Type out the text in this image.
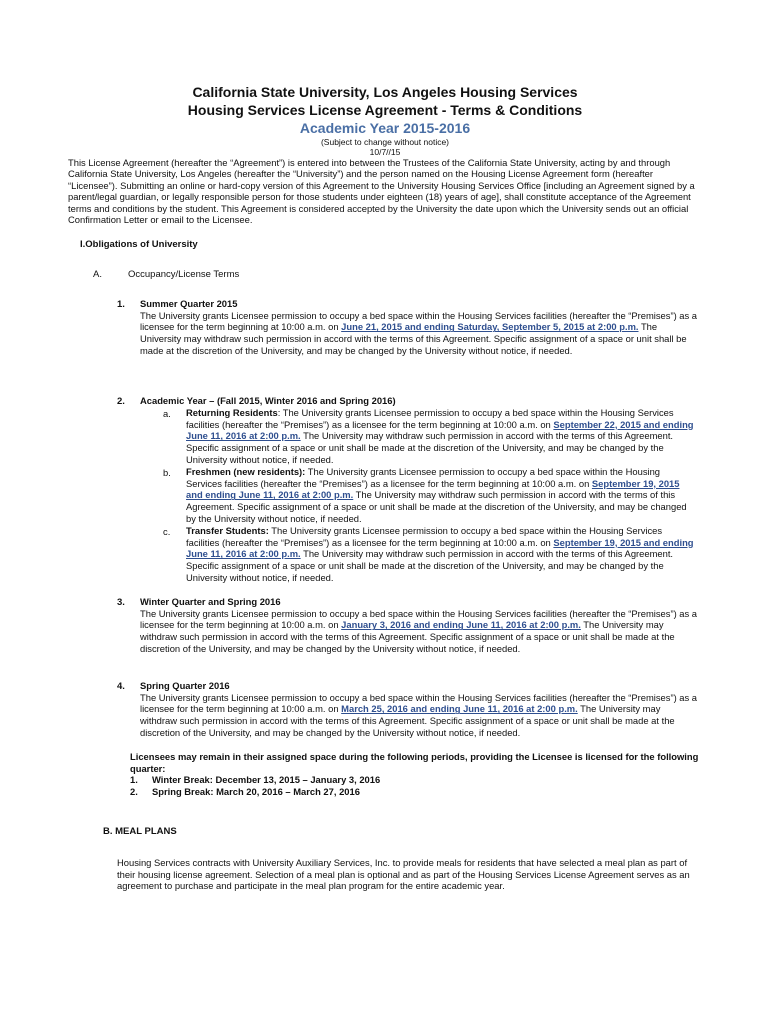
California State University, Los Angeles Housing Services
Housing Services License Agreement - Terms & Conditions
Academic Year 2015-2016
(Subject to change without notice)
10/7//15
This License Agreement (hereafter the “Agreement”) is entered into between the Trustees of the California State University, acting by and through California State University, Los Angeles (hereafter the “University”) and the person named on the Housing License Agreement form (hereafter “Licensee”). Submitting an online or hard-copy version of this Agreement to the University Housing Services Office [including an Agreement signed by a parent/legal guardian, or legally responsible person for those students under eighteen (18) years of age], shall constitute acceptance of the Agreement terms and conditions by the student. This Agreement is considered accepted by the University the date upon which the University sends out an official Confirmation Letter or email to the Licensee.
I.Obligations of University
A.	Occupancy/License Terms
1. Summer Quarter 2015
The University grants Licensee permission to occupy a bed space within the Housing Services facilities (hereafter the “Premises”) as a licensee for the term beginning at 10:00 a.m. on June 21, 2015 and ending Saturday, September 5, 2015 at 2:00 p.m. The University may withdraw such permission in accord with the terms of this Agreement. Specific assignment of a space or unit shall be made at the discretion of the University, and may be changed by the University without notice, if needed.
2. Academic Year – (Fall 2015, Winter 2016 and Spring 2016)
a. Returning Residents: The University grants Licensee permission to occupy a bed space within the Housing Services facilities (hereafter the “Premises”) as a licensee for the term beginning at 10:00 a.m. on September 22, 2015 and ending June 11, 2016 at 2:00 p.m. The University may withdraw such permission in accord with the terms of this Agreement. Specific assignment of a space or unit shall be made at the discretion of the University, and may be changed by the University without notice, if needed.
b. Freshmen (new residents): The University grants Licensee permission to occupy a bed space within the Housing Services facilities (hereafter the “Premises”) as a licensee for the term beginning at 10:00 a.m. on September 19, 2015 and ending June 11, 2016 at 2:00 p.m. The University may withdraw such permission in accord with the terms of this Agreement. Specific assignment of a space or unit shall be made at the discretion of the University, and may be changed by the University without notice, if needed.
c. Transfer Students: The University grants Licensee permission to occupy a bed space within the Housing Services facilities (hereafter the “Premises”) as a licensee for the term beginning at 10:00 a.m. on September 19, 2015 and ending June 11, 2016 at 2:00 p.m. The University may withdraw such permission in accord with the terms of this Agreement. Specific assignment of a space or unit shall be made at the discretion of the University, and may be changed by the University without notice, if needed.
3. Winter Quarter and Spring 2016
The University grants Licensee permission to occupy a bed space within the Housing Services facilities (hereafter the “Premises”) as a licensee for the term beginning at 10:00 a.m. on January 3, 2016 and ending June 11, 2016 at 2:00 p.m. The University may withdraw such permission in accord with the terms of this Agreement. Specific assignment of a space or unit shall be made at the discretion of the University, and may be changed by the University without notice, if needed.
4. Spring Quarter 2016
The University grants Licensee permission to occupy a bed space within the Housing Services facilities (hereafter the “Premises”) as a licensee for the term beginning at 10:00 a.m. on March 25, 2016 and ending June 11, 2016 at 2:00 p.m. The University may withdraw such permission in accord with the terms of this Agreement. Specific assignment of a space or unit shall be made at the discretion of the University, and may be changed by the University without notice, if needed.
Licensees may remain in their assigned space during the following periods, providing the Licensee is licensed for the following quarter:
1.	Winter Break: December 13, 2015 – January 3, 2016
2.	Spring Break: March 20, 2016 – March 27, 2016
B. MEAL PLANS
Housing Services contracts with University Auxiliary Services, Inc. to provide meals for residents that have selected a meal plan as part of their housing license agreement. Selection of a meal plan is optional and as part of the Housing Services License Agreement serves as an agreement to purchase and participate in the meal plan program for the entire academic year.
